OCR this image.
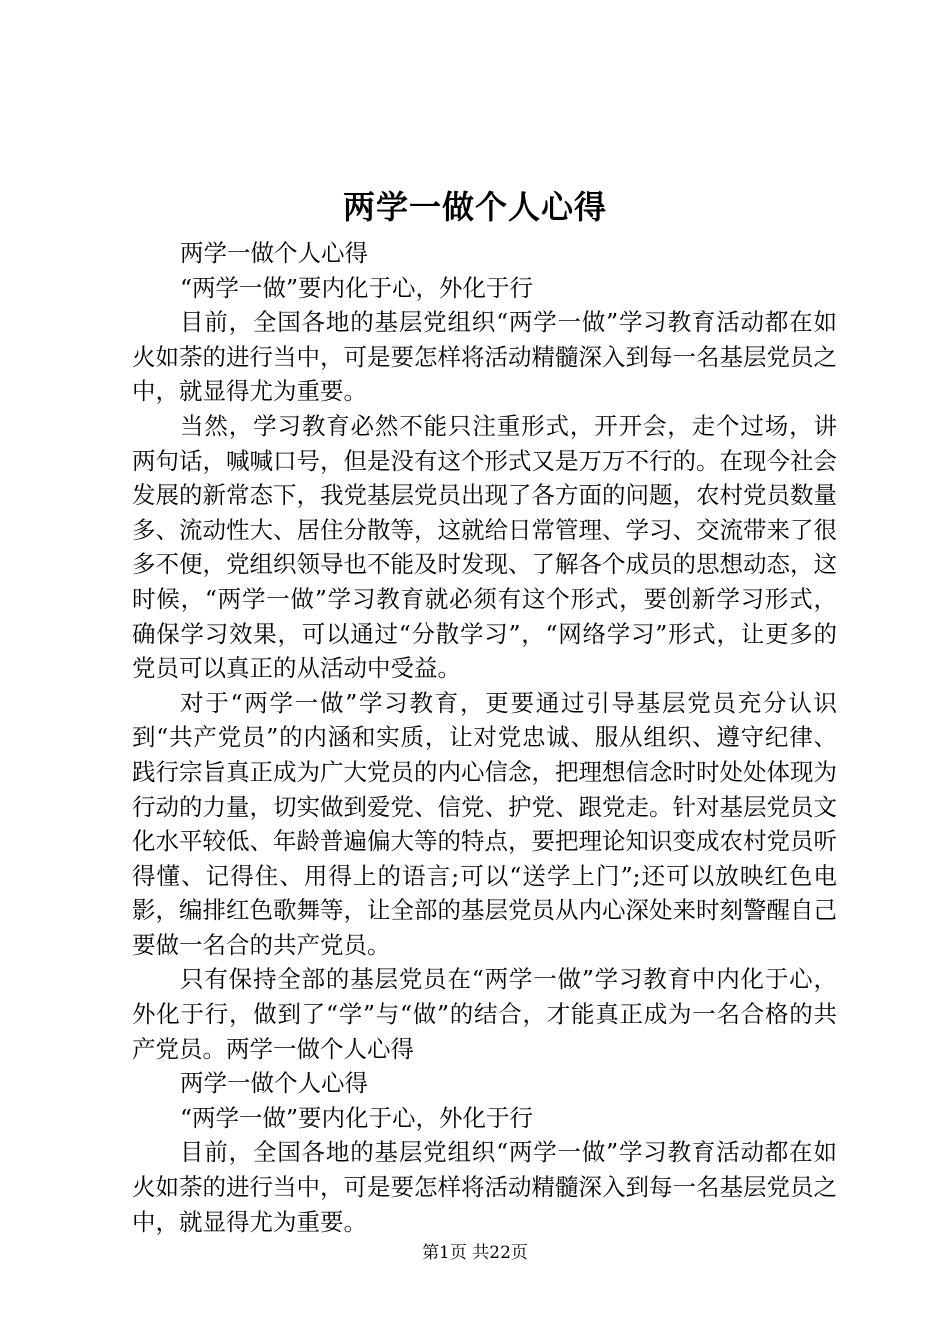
两学一做个人心得

两学一做个人心得

“两学一做”要内化于心，外化于行

目前，全国各地的基层党组织“两学一做”学习教育活动都在如火如荼的进行当中，可是要怎样将活动精髓深入到每一名基层党员之中，就显得尤为重要。

当然，学习教育必然不能只注重形式，开开会，走个过场，讲两句话，喊喊口号，但是没有这个形式又是万万不行的。在现今社会发展的新常态下，我党基层党员出现了各方面的问题，农村党员数量多、流动性大、居住分散等，这就给日常管理、学习、交流带来了很多不便，党组织领导也不能及时发现、了解各个成员的思想动态，这时候，“两学一做”学习教育就必须有这个形式，要创新学习形式，确保学习效果，可以通过“分散学习”，“网络学习”形式，让更多的党员可以真正的从活动中受益。

对于“两学一做”学习教育，更要通过引导基层党员充分认识到“共产党员”的内涵和实质，让对党忠诚、服从组织、遵守纪律、践行宗旨真正成为广大党员的内心信念，把理想信念时时处处体现为行动的力量，切实做到爱党、信党、护党、跟党走。针对基层党员文化水平较低、年龄普遍偏大等的特点，要把理论知识变成农村党员听得懂、记得住、用得上的语言;可以“送学上门”;还可以放映红色电影，编排红色歌舞等，让全部的基层党员从内心深处来时刻警醒自己要做一名合的共产党员。

只有保持全部的基层党员在“两学一做”学习教育中内化于心，外化于行，做到了“学”与“做”的结合，才能真正成为一名合格的共产党员。两学一做个人心得

两学一做个人心得

“两学一做”要内化于心，外化于行

目前，全国各地的基层党组织“两学一做”学习教育活动都在如火如荼的进行当中，可是要怎样将活动精髓深入到每一名基层党员之中，就显得尤为重要。

第1页 共22页
